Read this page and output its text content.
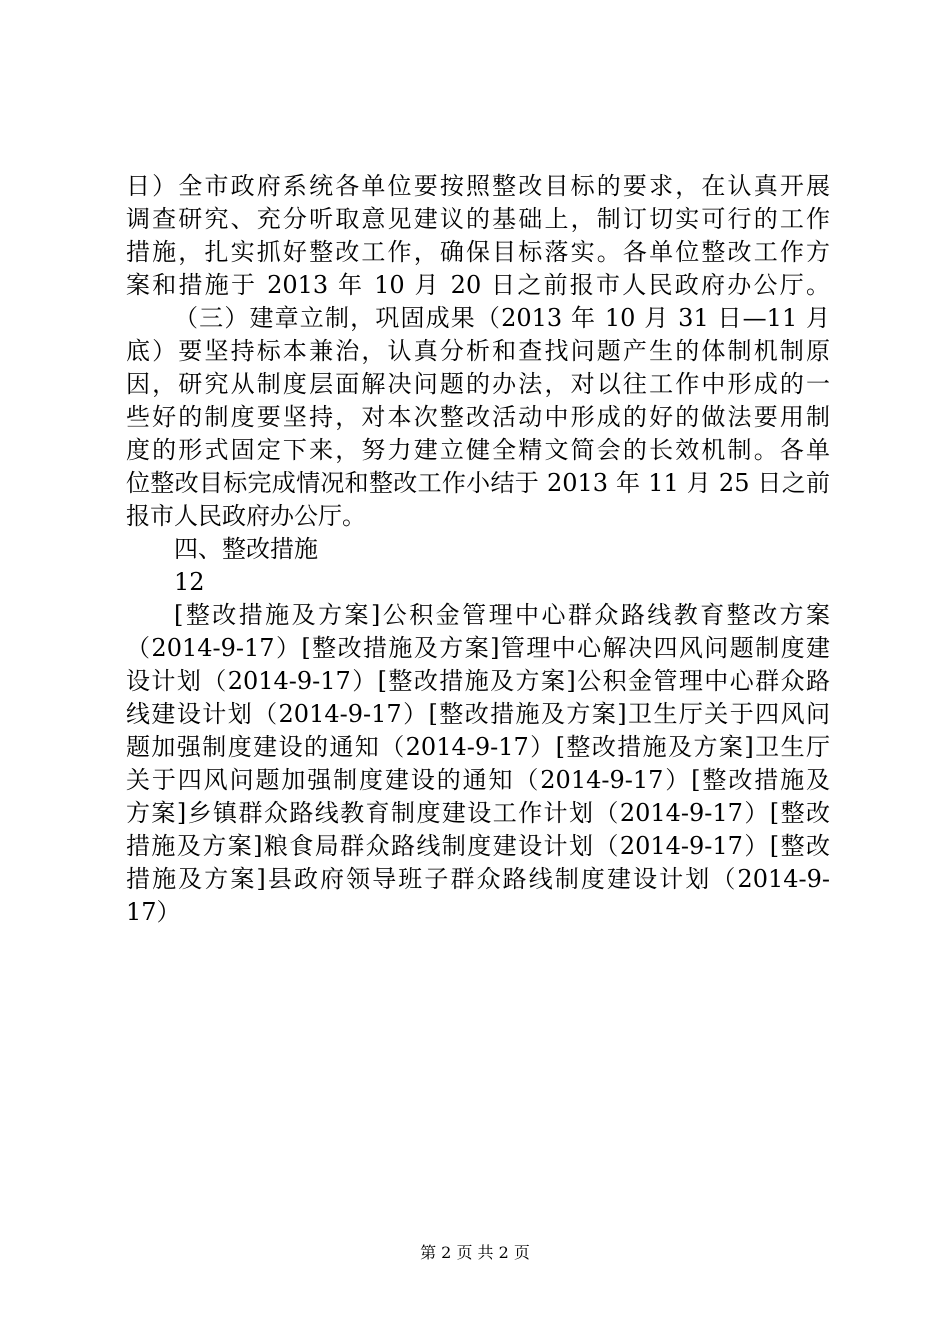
日）全市政府系统各单位要按照整改目标的要求，在认真开展
调查研究、充分听取意见建议的基础上，制订切实可行的工作
措施，扎实抓好整改工作，确保目标落实。各单位整改工作方
案和措施于 2013 年 10 月 20 日之前报市人民政府办公厅。
（三）建章立制，巩固成果（2013 年 10 月 31 日—11 月
底）要坚持标本兼治，认真分析和查找问题产生的体制机制原
因，研究从制度层面解决问题的办法，对以往工作中形成的一
些好的制度要坚持，对本次整改活动中形成的好的做法要用制
度的形式固定下来，努力建立健全精文简会的长效机制。各单
位整改目标完成情况和整改工作小结于 2013 年 11 月 25 日之前
报市人民政府办公厅。
四、整改措施
12
[整改措施及方案]公积金管理中心群众路线教育整改方案
（2014-9-17）[整改措施及方案]管理中心解决四风问题制度建
设计划（2014-9-17）[整改措施及方案]公积金管理中心群众路
线建设计划（2014-9-17）[整改措施及方案]卫生厅关于四风问
题加强制度建设的通知（2014-9-17）[整改措施及方案]卫生厅
关于四风问题加强制度建设的通知（2014-9-17）[整改措施及
方案]乡镇群众路线教育制度建设工作计划（2014-9-17）[整改
措施及方案]粮食局群众路线制度建设计划（2014-9-17）[整改
措施及方案]县政府领导班子群众路线制度建设计划（2014-9-
17）
第 2 页 共 2 页
